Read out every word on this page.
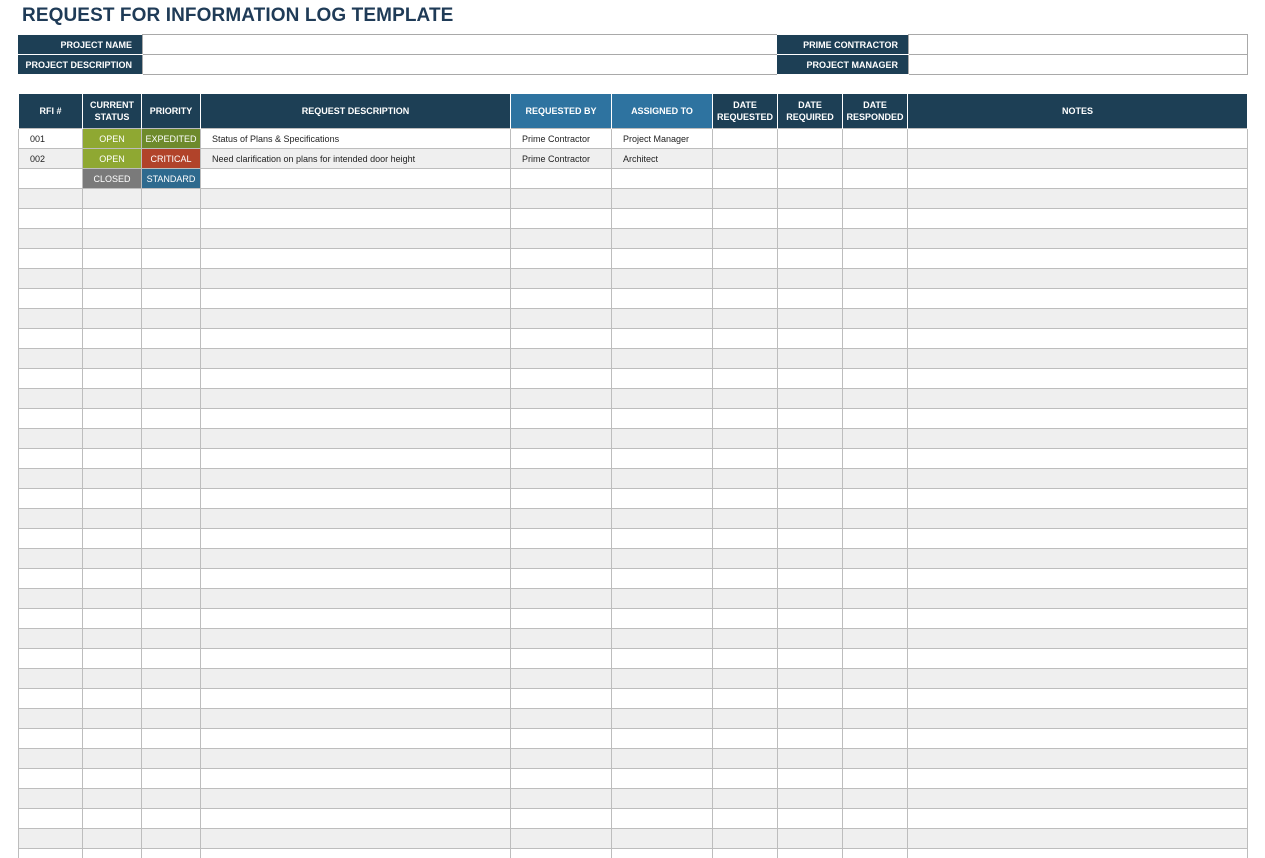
REQUEST FOR INFORMATION LOG TEMPLATE
PROJECT NAME			PRIME CONTRACTOR	
PROJECT DESCRIPTION			PROJECT MANAGER	
RFI #	CURRENT STATUS	PRIORITY	REQUEST DESCRIPTION	REQUESTED BY	ASSIGNED TO	DATE REQUESTED	DATE REQUIRED	DATE RESPONDED	NOTES
001	OPEN	EXPEDITED	Status of Plans & Specifications	Prime Contractor	Project Manager				
002	OPEN	CRITICAL	Need clarification on plans for intended door height	Prime Contractor	Architect				
	CLOSED	STANDARD							
